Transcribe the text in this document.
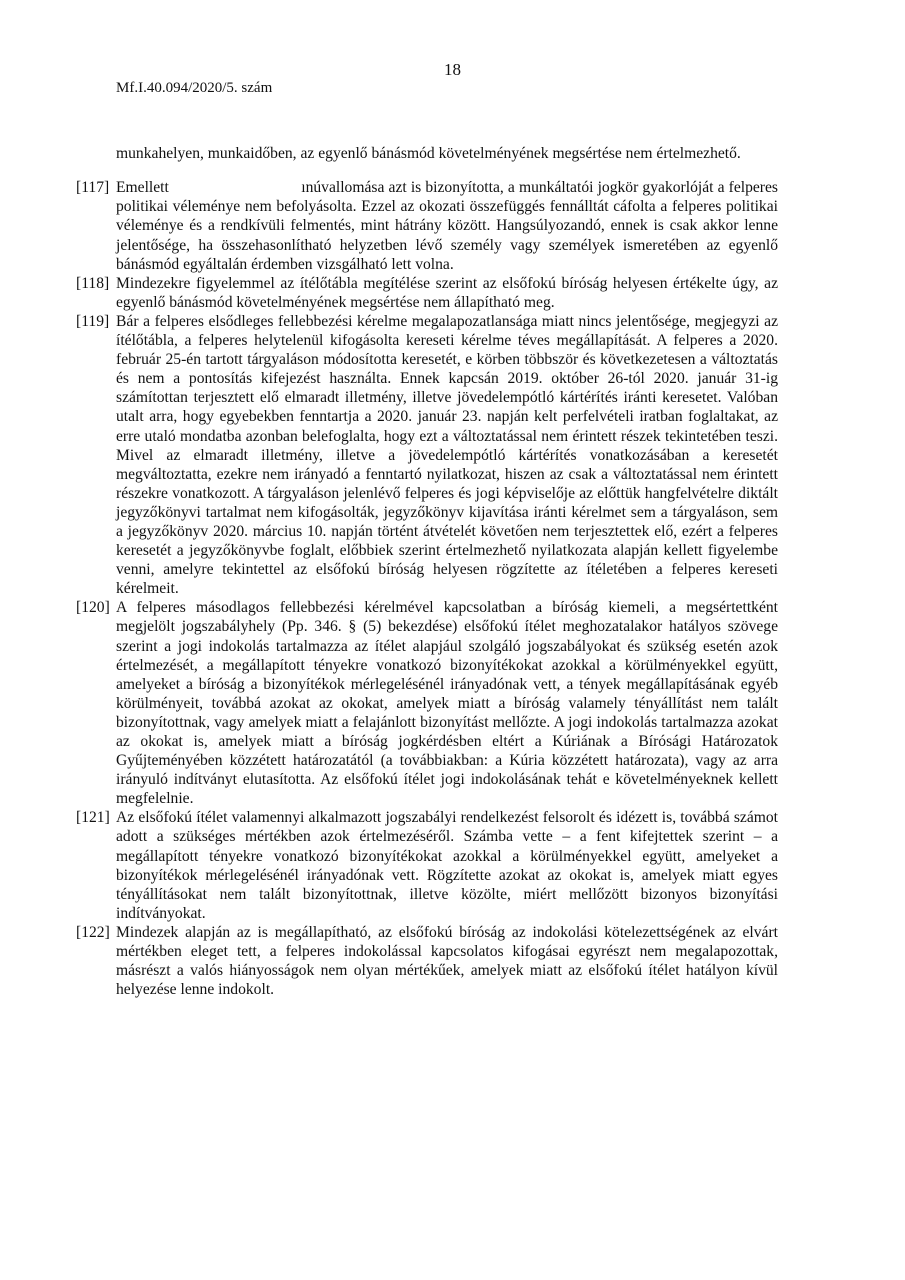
18
Mf.I.40.094/2020/5. szám

munkahelyen, munkaidőben, az egyenlő bánásmód követelményének megsértése nem értelmezhető.

[117] Emellett                                ınúvallomása azt is bizonyította, a munkáltatói jogkör gyakorlóját a felperes politikai véleménye nem befolyásolta. Ezzel az okozati összefüggés fennálltát cáfolta a felperes politikai véleménye és a rendkívüli felmentés, mint hátrány között. Hangsúlyozandó, ennek is csak akkor lenne jelentősége, ha összehasonlítható helyzetben lévő személy vagy személyek ismeretében az egyenlő bánásmód egyáltalán érdemben vizsgálható lett volna.
[118] Mindezekre figyelemmel az ítélőtábla megítélése szerint az elsőfokú bíróság helyesen értékelte úgy, az egyenlő bánásmód követelményének megsértése nem állapítható meg.
[119] Bár a felperes elsődleges fellebbezési kérelme megalapozatlansága miatt nincs jelentősége, megjegyzi az ítélőtábla, a felperes helytelenül kifogásolta kereseti kérelme téves megállapítását. A felperes a 2020. február 25-én tartott tárgyaláson módosította keresetét, e körben többször és következetesen a változtatás és nem a pontosítás kifejezést használta. Ennek kapcsán 2019. október 26-tól 2020. január 31-ig számítottan terjesztett elő elmaradt illetmény, illetve jövedelempótló kártérítés iránti keresetet. Valóban utalt arra, hogy egyebekben fenntartja a 2020. január 23. napján kelt perfelvételi iratban foglaltakat, az erre utaló mondatba azonban belefoglalta, hogy ezt a változtatással nem érintett részek tekintetében teszi. Mivel az elmaradt illetmény, illetve a jövedelempótló kártérítés vonatkozásában a keresetét megváltoztatta, ezekre nem irányadó a fenntartó nyilatkozat, hiszen az csak a változtatással nem érintett részekre vonatkozott. A tárgyaláson jelenlévő felperes és jogi képviselője az előttük hangfelvételre diktált jegyzőkönyvi tartalmat nem kifogásolták, jegyzőkönyv kijavítása iránti kérelmet sem a tárgyaláson, sem a jegyzőkönyv 2020. március 10. napján történt átvételét követően nem terjesztettek elő, ezért a felperes keresetét a jegyzőkönyvbe foglalt, előbbiek szerint értelmezhető nyilatkozata alapján kellett figyelembe venni, amelyre tekintettel az elsőfokú bíróság helyesen rögzítette az ítéletében a felperes kereseti kérelmeit.
[120] A felperes másodlagos fellebbezési kérelmével kapcsolatban a bíróság kiemeli, a megsértettként megjelölt jogszabályhely (Pp. 346. § (5) bekezdése) elsőfokú ítélet meghozatalakor hatályos szövege szerint a jogi indokolás tartalmazza az ítélet alapjául szolgáló jogszabályokat és szükség esetén azok értelmezését, a megállapított tényekre vonatkozó bizonyítékokat azokkal a körülményekkel együtt, amelyeket a bíróság a bizonyítékok mérlegelésénél irányadónak vett, a tények megállapításának egyéb körülményeit, továbbá azokat az okokat, amelyek miatt a bíróság valamely tényállítást nem talált bizonyítottnak, vagy amelyek miatt a felajánlott bizonyítást mellőzte. A jogi indokolás tartalmazza azokat az okokat is, amelyek miatt a bíróság jogkérdésben eltért a Kúriának a Bírósági Határozatok Gyűjteményében közzétett határozatától (a továbbiakban: a Kúria közzétett határozata), vagy az arra irányuló indítványt elutasította. Az elsőfokú ítélet jogi indokolásának tehát e követelményeknek kellett megfelelnie.
[121] Az elsőfokú ítélet valamennyi alkalmazott jogszabályi rendelkezést felsorolt és idézett is, továbbá számot adott a szükséges mértékben azok értelmezéséről. Számba vette – a fent kifejtettek szerint – a megállapított tényekre vonatkozó bizonyítékokat azokkal a körülményekkel együtt, amelyeket a bizonyítékok mérlegelésénél irányadónak vett. Rögzítette azokat az okokat is, amelyek miatt egyes tényállításokat nem talált bizonyítottnak, illetve közölte, miért mellőzött bizonyos bizonyítási indítványokat.
[122] Mindezek alapján az is megállapítható, az elsőfokú bíróság az indokolási kötelezettségének az elvárt mértékben eleget tett, a felperes indokolással kapcsolatos kifogásai egyrészt nem megalapozottak, másrészt a valós hiányosságok nem olyan mértékűek, amelyek miatt az elsőfokú ítélet hatályon kívül helyezése lenne indokolt.
